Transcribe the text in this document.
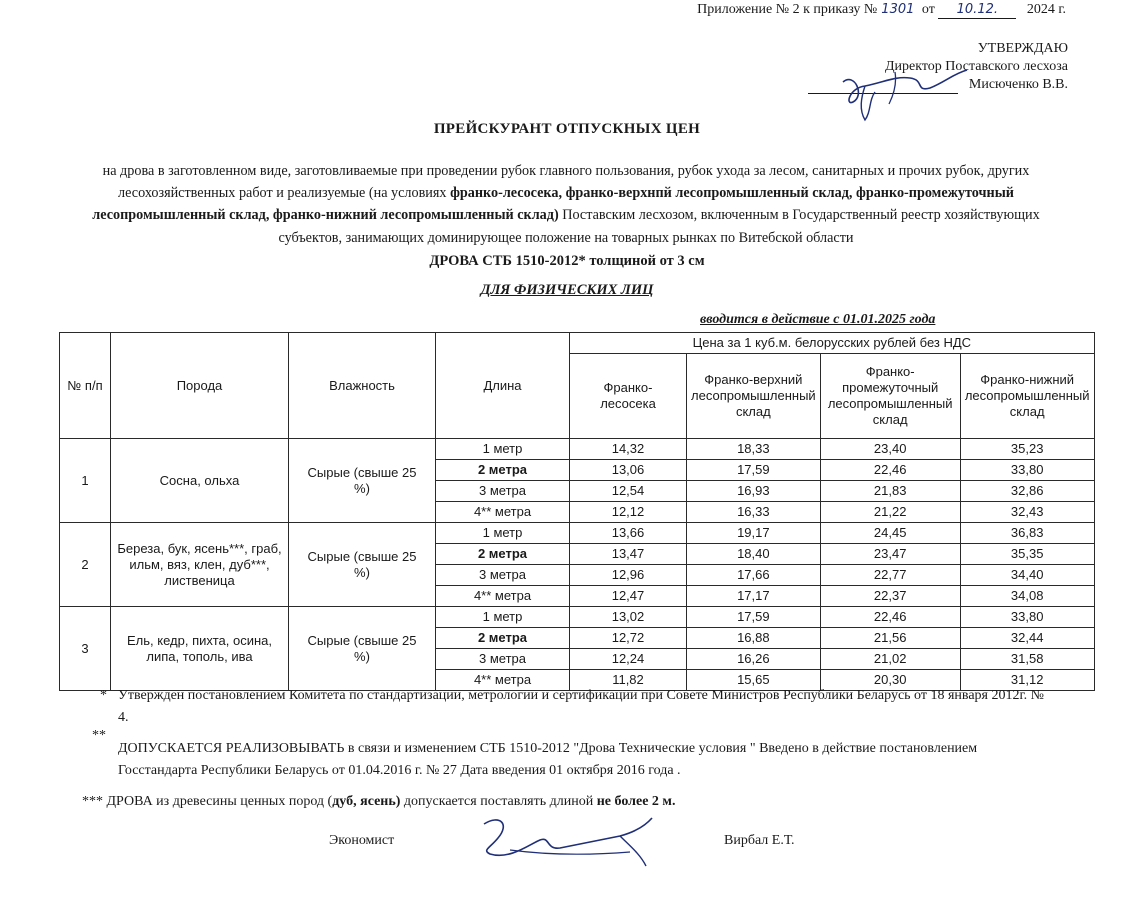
Приложение № 2 к приказу № 1301 от 10.12. 2024 г.
УТВЕРЖДАЮ
Директор Поставского лесхоза
Мисюченко В.В.
ПРЕЙСКУРАНТ ОТПУСКНЫХ ЦЕН
на дрова в заготовленном виде, заготовливаемые при проведении рубок главного пользования, рубок ухода за лесом, санитарных и прочих рубок, других лесохозяйственных работ и реализуемые (на условиях франко-лесосека, франко-верхнпй лесопромышленный склад, франко-промежуточный лесопромышленный склад, франко-нижний лесопромышленный склад) Поставским лесхозом, включенным в Государственный реестр хозяйствующих субъектов, занимающих доминирующее положение на товарных рынках по Витебской области
ДРОВА СТБ 1510-2012* толщиной от 3 см
ДЛЯ ФИЗИЧЕСКИХ ЛИЦ
вводится в действие с 01.01.2025 года
№ п/п	Порода	Влажность	Длина	Цена за 1 куб.м. белорусских рублей без НДС			
				Франко-лесосека	Франко-верхний лесопромышленный склад	Франко-промежуточный лесопромышленный склад	Франко-нижний лесопромышленный склад
1	Сосна, ольха	Сырые (свыше 25 %)	1 метр	14,32	18,33	23,40	35,23
			2 метра	13,06	17,59	22,46	33,80
			3 метра	12,54	16,93	21,83	32,86
			4** метра	12,12	16,33	21,22	32,43
2	Береза, бук, ясень***, граб, ильм, вяз, клен, дуб***, лиственица	Сырые (свыше 25 %)	1 метр	13,66	19,17	24,45	36,83
			2 метра	13,47	18,40	23,47	35,35
			3 метра	12,96	17,66	22,77	34,40
			4** метра	12,47	17,17	22,37	34,08
3	Ель, кедр, пихта, осина, липа, тополь, ива	Сырые (свыше 25 %)	1 метр	13,02	17,59	22,46	33,80
			2 метра	12,72	16,88	21,56	32,44
			3 метра	12,24	16,26	21,02	31,58
			4** метра	11,82	15,65	20,30	31,12
* Утвержден постановлением Комитета по стандартизации, метрологии и сертификации при Совете Министров Республики Беларусь от 18 января 2012г. № 4.
**
ДОПУСКАЕТСЯ РЕАЛИЗОВЫВАТЬ в связи и изменением СТБ 1510-2012 "Дрова Технические условия " Введено в действие постановлением Госстандарта Республики Беларусь от 01.04.2016 г. № 27 Дата введения 01 октября 2016 года .
*** ДРОВА из древесины ценных пород (дуб, ясень) допускается поставлять длиной не более 2 м.
Экономист	Вирбал Е.Т.
